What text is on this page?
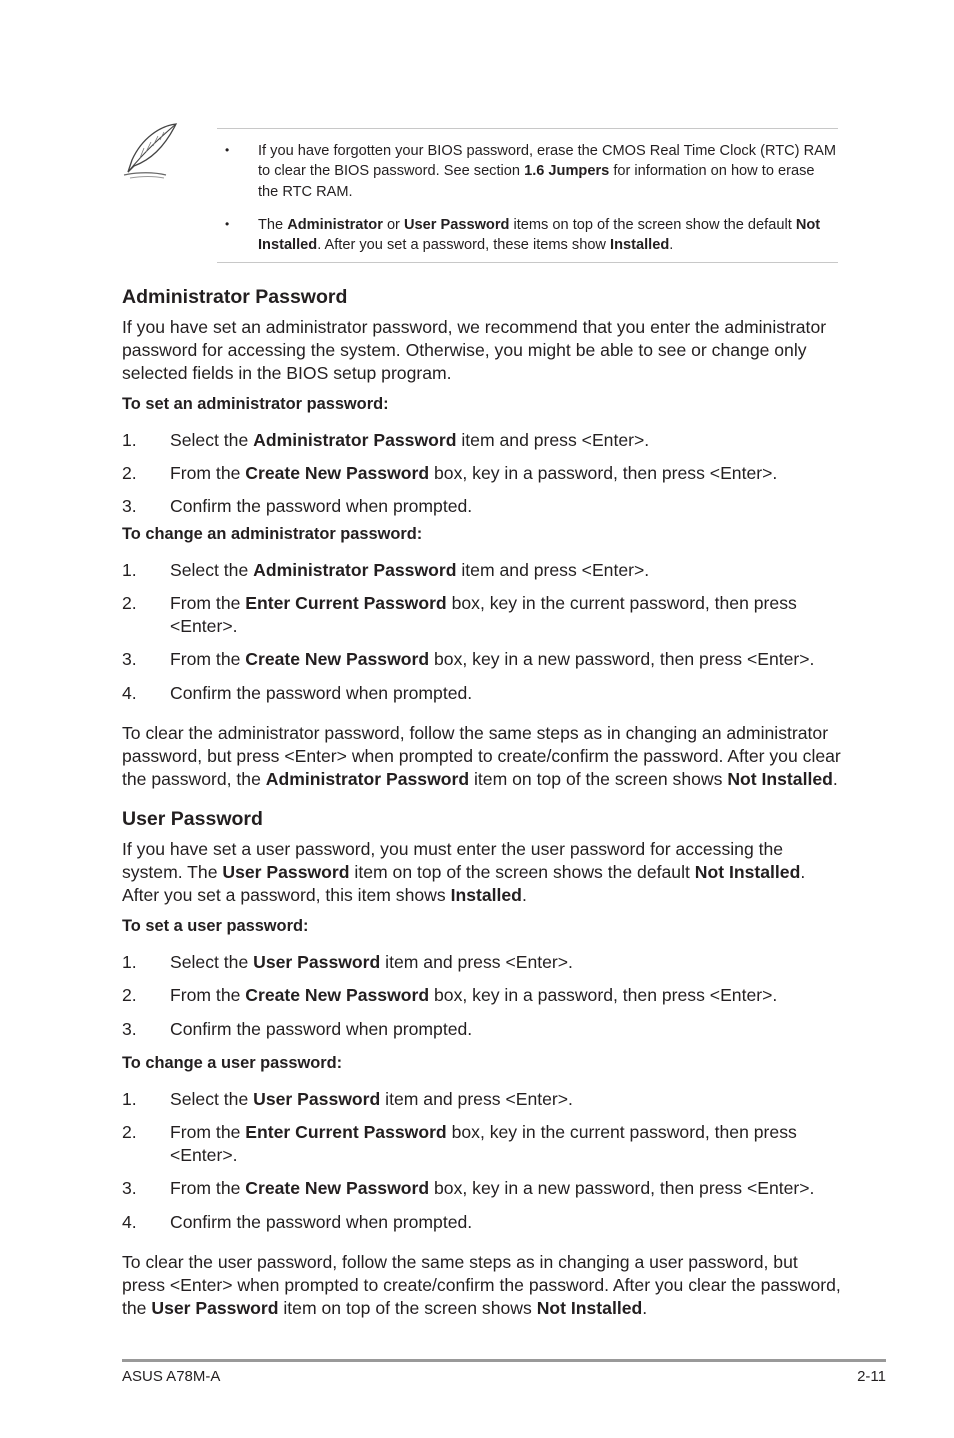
• If you have forgotten your BIOS password, erase the CMOS Real Time Clock (RTC) RAM to clear the BIOS password. See section 1.6 Jumpers for information on how to erase the RTC RAM.
• The Administrator or User Password items on top of the screen show the default Not Installed. After you set a password, these items show Installed.
Administrator Password

If you have set an administrator password, we recommend that you enter the administrator password for accessing the system. Otherwise, you might be able to see or change only selected fields in the BIOS setup program.

To set an administrator password:

1. Select the Administrator Password item and press <Enter>.
2. From the Create New Password box, key in a password, then press <Enter>.
3. Confirm the password when prompted.

To change an administrator password:

1. Select the Administrator Password item and press <Enter>.
2. From the Enter Current Password box, key in the current password, then press <Enter>.
3. From the Create New Password box, key in a new password, then press <Enter>.
4. Confirm the password when prompted.

To clear the administrator password, follow the same steps as in changing an administrator password, but press <Enter> when prompted to create/confirm the password. After you clear the password, the Administrator Password item on top of the screen shows Not Installed.

User Password

If you have set a user password, you must enter the user password for accessing the system. The User Password item on top of the screen shows the default Not Installed. After you set a password, this item shows Installed.

To set a user password:

1. Select the User Password item and press <Enter>.
2. From the Create New Password box, key in a password, then press <Enter>.
3. Confirm the password when prompted.

To change a user password:

1. Select the User Password item and press <Enter>.
2. From the Enter Current Password box, key in the current password, then press <Enter>.
3. From the Create New Password box, key in a new password, then press <Enter>.
4. Confirm the password when prompted.

To clear the user password, follow the same steps as in changing a user password, but press <Enter> when prompted to create/confirm the password. After you clear the password, the User Password item on top of the screen shows Not Installed.

ASUS A78M-A	2-11
